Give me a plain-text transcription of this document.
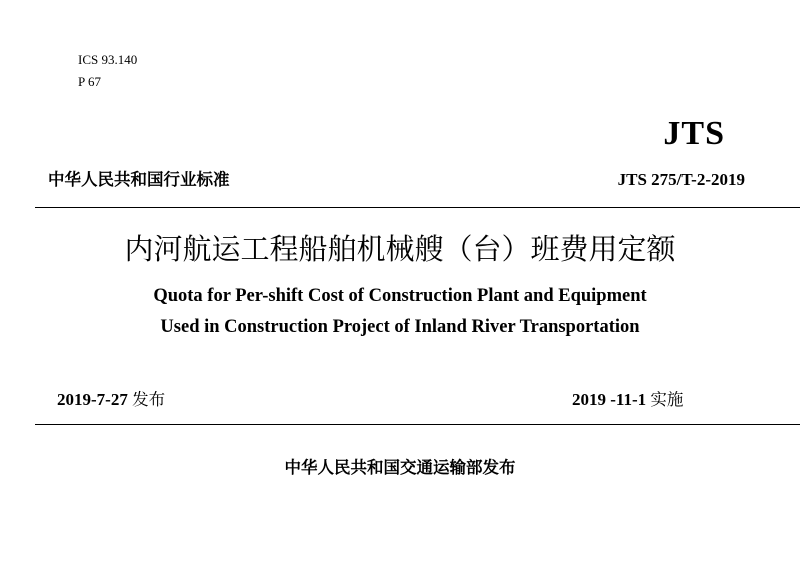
ICS 93.140
P 67
JTS
中华人民共和国行业标准	JTS 275/T-2-2019
内河航运工程船舶机械艘（台）班费用定额
Quota for Per-shift Cost of Construction Plant and Equipment
Used in Construction Project of Inland River Transportation
2019-7-27 发布	2019 -11-1 实施
中华人民共和国交通运输部发布
